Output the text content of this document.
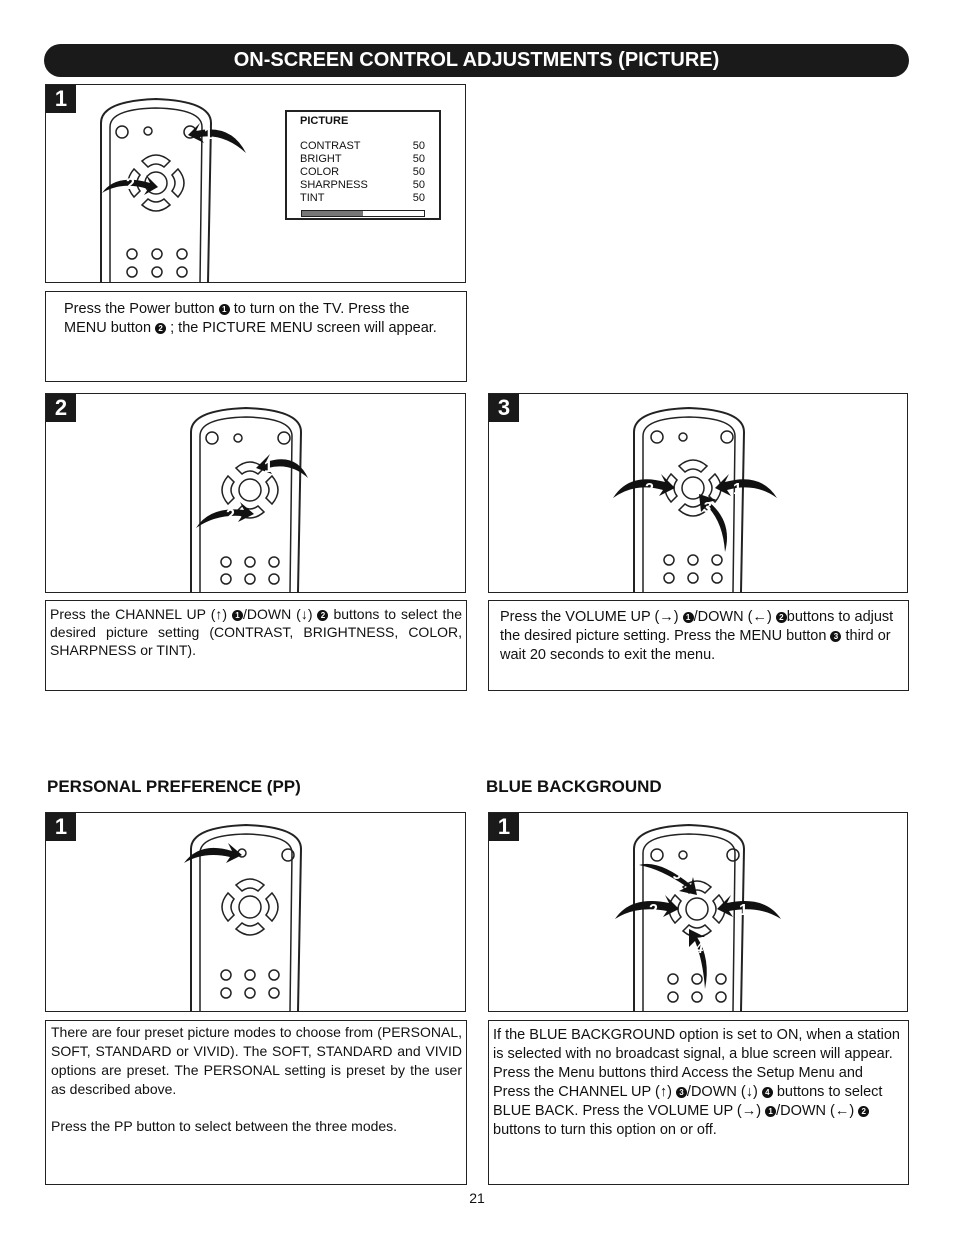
ON-SCREEN CONTROL ADJUSTMENTS (PICTURE)
1
1
2
PICTURE
CONTRAST	50
BRIGHT	50
COLOR	50
SHARPNESS	50
TINT	50

Press the Power button 1 to turn on the TV. Press the MENU button 2 ; the PICTURE MENU screen will appear.

2
1
2

Press the CHANNEL UP (↑) 1 /DOWN (↓) 2 buttons to select the desired picture setting (CONTRAST, BRIGHTNESS, COLOR, SHARPNESS or TINT).

3
2	1
3

Press the VOLUME UP (→) 1 /DOWN (←) 2 buttons to adjust the desired picture setting. Press the MENU button 3 third or wait 20 seconds to exit the menu.

PERSONAL PREFERENCE (PP)
1

There are four preset picture modes to choose from (PERSONAL, SOFT, STANDARD or VIVID). The SOFT, STANDARD and VIVID options are preset. The PERSONAL setting is preset by the user as described above.

Press the PP button to select between the three modes.

BLUE BACKGROUND
1
3
2	1
4

If the BLUE BACKGROUND option is set to ON, when a station is selected with no broadcast signal, a blue screen will appear. Press the Menu buttons third Access the Setup Menu and Press the CHANNEL UP (↑) 3 /DOWN (↓) 4 buttons to select BLUE BACK. Press the VOLUME UP (→) 1 /DOWN (←) 2 buttons to turn this option on or off.

21
